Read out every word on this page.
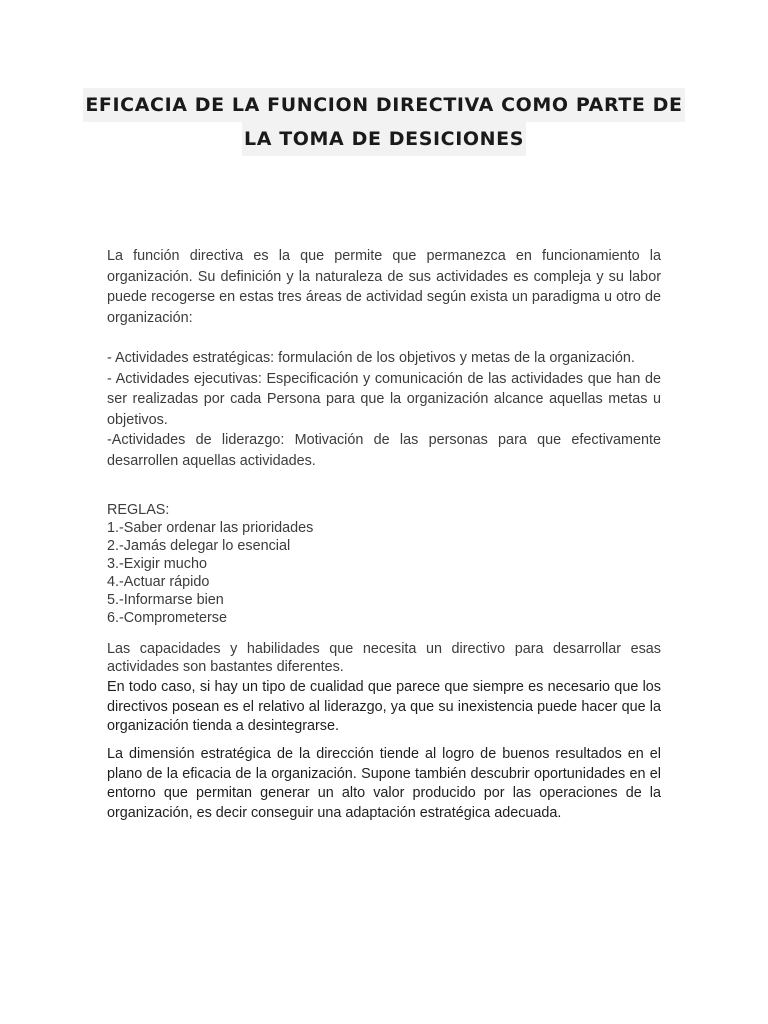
EFICACIA DE LA FUNCION DIRECTIVA COMO PARTE DE
LA TOMA DE DESICIONES
La función directiva es la que permite que permanezca en funcionamiento la organización. Su definición y la naturaleza de sus actividades es compleja y su labor puede recogerse en estas tres áreas de actividad según exista un paradigma u otro de organización:

- Actividades estratégicas: formulación de los objetivos y metas de la organización.

- Actividades ejecutivas: Especificación y comunicación de las actividades que han de ser realizadas por cada Persona para que la organización alcance aquellas metas u objetivos.

-Actividades de liderazgo: Motivación de las personas para que efectivamente desarrollen aquellas actividades.

REGLAS:

1.-Saber ordenar las prioridades

2.-Jamás delegar lo esencial

3.-Exigir mucho

4.-Actuar rápido

5.-Informarse bien

6.-Comprometerse

Las capacidades y habilidades que necesita un directivo para desarrollar esas actividades son bastantes diferentes.
En todo caso, si hay un tipo de cualidad que parece que siempre es necesario que los directivos posean es el relativo al liderazgo, ya que su inexistencia puede hacer que la organización tienda a desintegrarse.
La dimensión estratégica de la dirección tiende al logro de buenos resultados en el plano de la eficacia de la organización. Supone también descubrir oportunidades en el entorno que permitan generar un alto valor producido por las operaciones de la organización, es decir conseguir una adaptación estratégica adecuada.
